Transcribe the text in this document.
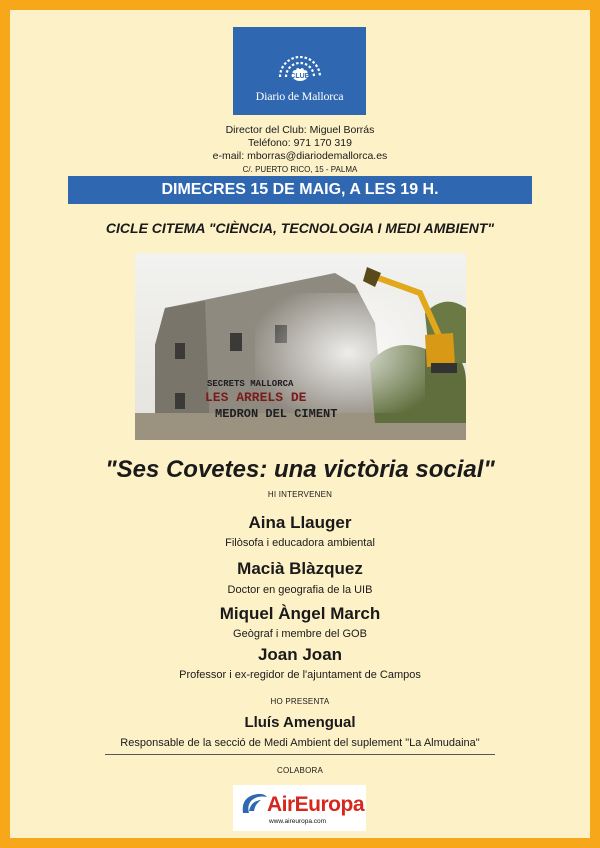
CLUB
Diario de Mallorca
Director del Club: Miguel Borrás
Teléfono: 971 170 319
e-mail: mborras@diariodemallorca.es
C/. PUERTO RICO, 15 - PALMA
DIMECRES 15 DE MAIG, A LES 19 H.
CICLE CITEMA "CIÈNCIA, TECNOLOGIA I MEDI AMBIENT"
SECRETS MALLORCA
LES ARRELS DE
MEDRON DEL CIMENT
"Ses Covetes: una victòria social"
HI INTERVENEN
Aina Llauger
Filòsofa i educadora ambiental
Macià Blàzquez
Doctor en geografia de la UIB
Miquel Àngel March
Geògraf i membre del GOB
Joan Joan
Professor i ex-regidor de l'ajuntament de Campos
HO PRESENTA
Lluís Amengual
Responsable de la secció de Medi Ambient del suplement "La Almudaina"
COLABORA
AirEuropa
www.aireuropa.com
